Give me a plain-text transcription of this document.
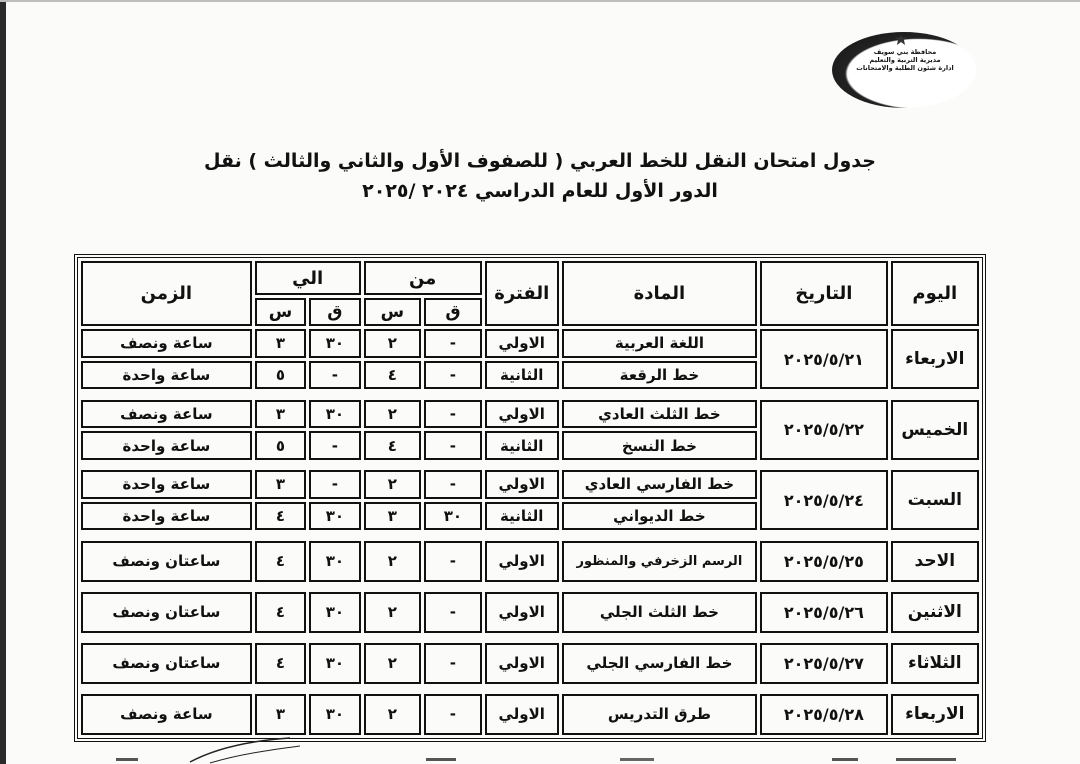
محافظة بني سويف
مديرية التربية والتعليم
ادارة شئون الطلبة والامتحانات
جدول امتحان النقل للخط العربي ( للصفوف الأول والثاني والثالث ) نقل
الدور الأول للعام الدراسي ٢٠٢٤ /٢٠٢٥
اليوم	التاريخ	المادة	الفترة	من		الي		الزمن
				ق	س	ق	س	
الاربعاء	٢٠٢٥/٥/٢١	اللغة العربية	الاولي	-	٢	٣٠	٣	ساعة ونصف
		خط الرقعة	الثانية	-	٤	-	٥	ساعة واحدة

الخميس	٢٠٢٥/٥/٢٢	خط الثلث العادي	الاولي	-	٢	٣٠	٣	ساعة ونصف
		خط النسخ	الثانية	-	٤	-	٥	ساعة واحدة

السبت	٢٠٢٥/٥/٢٤	خط الفارسي العادي	الاولي	-	٢	-	٣	ساعة واحدة
		خط الديواني	الثانية	٣٠	٣	٣٠	٤	ساعة واحدة

الاحد	٢٠٢٥/٥/٢٥	الرسم الزخرفي والمنظور	الاولي	-	٢	٣٠	٤	ساعتان ونصف

الاثنين	٢٠٢٥/٥/٢٦	خط الثلث الجلي	الاولي	-	٢	٣٠	٤	ساعتان ونصف

الثلاثاء	٢٠٢٥/٥/٢٧	خط الفارسي الجلي	الاولي	-	٢	٣٠	٤	ساعتان ونصف

الاربعاء	٢٠٢٥/٥/٢٨	طرق التدريس	الاولي	-	٢	٣٠	٣	ساعة ونصف
